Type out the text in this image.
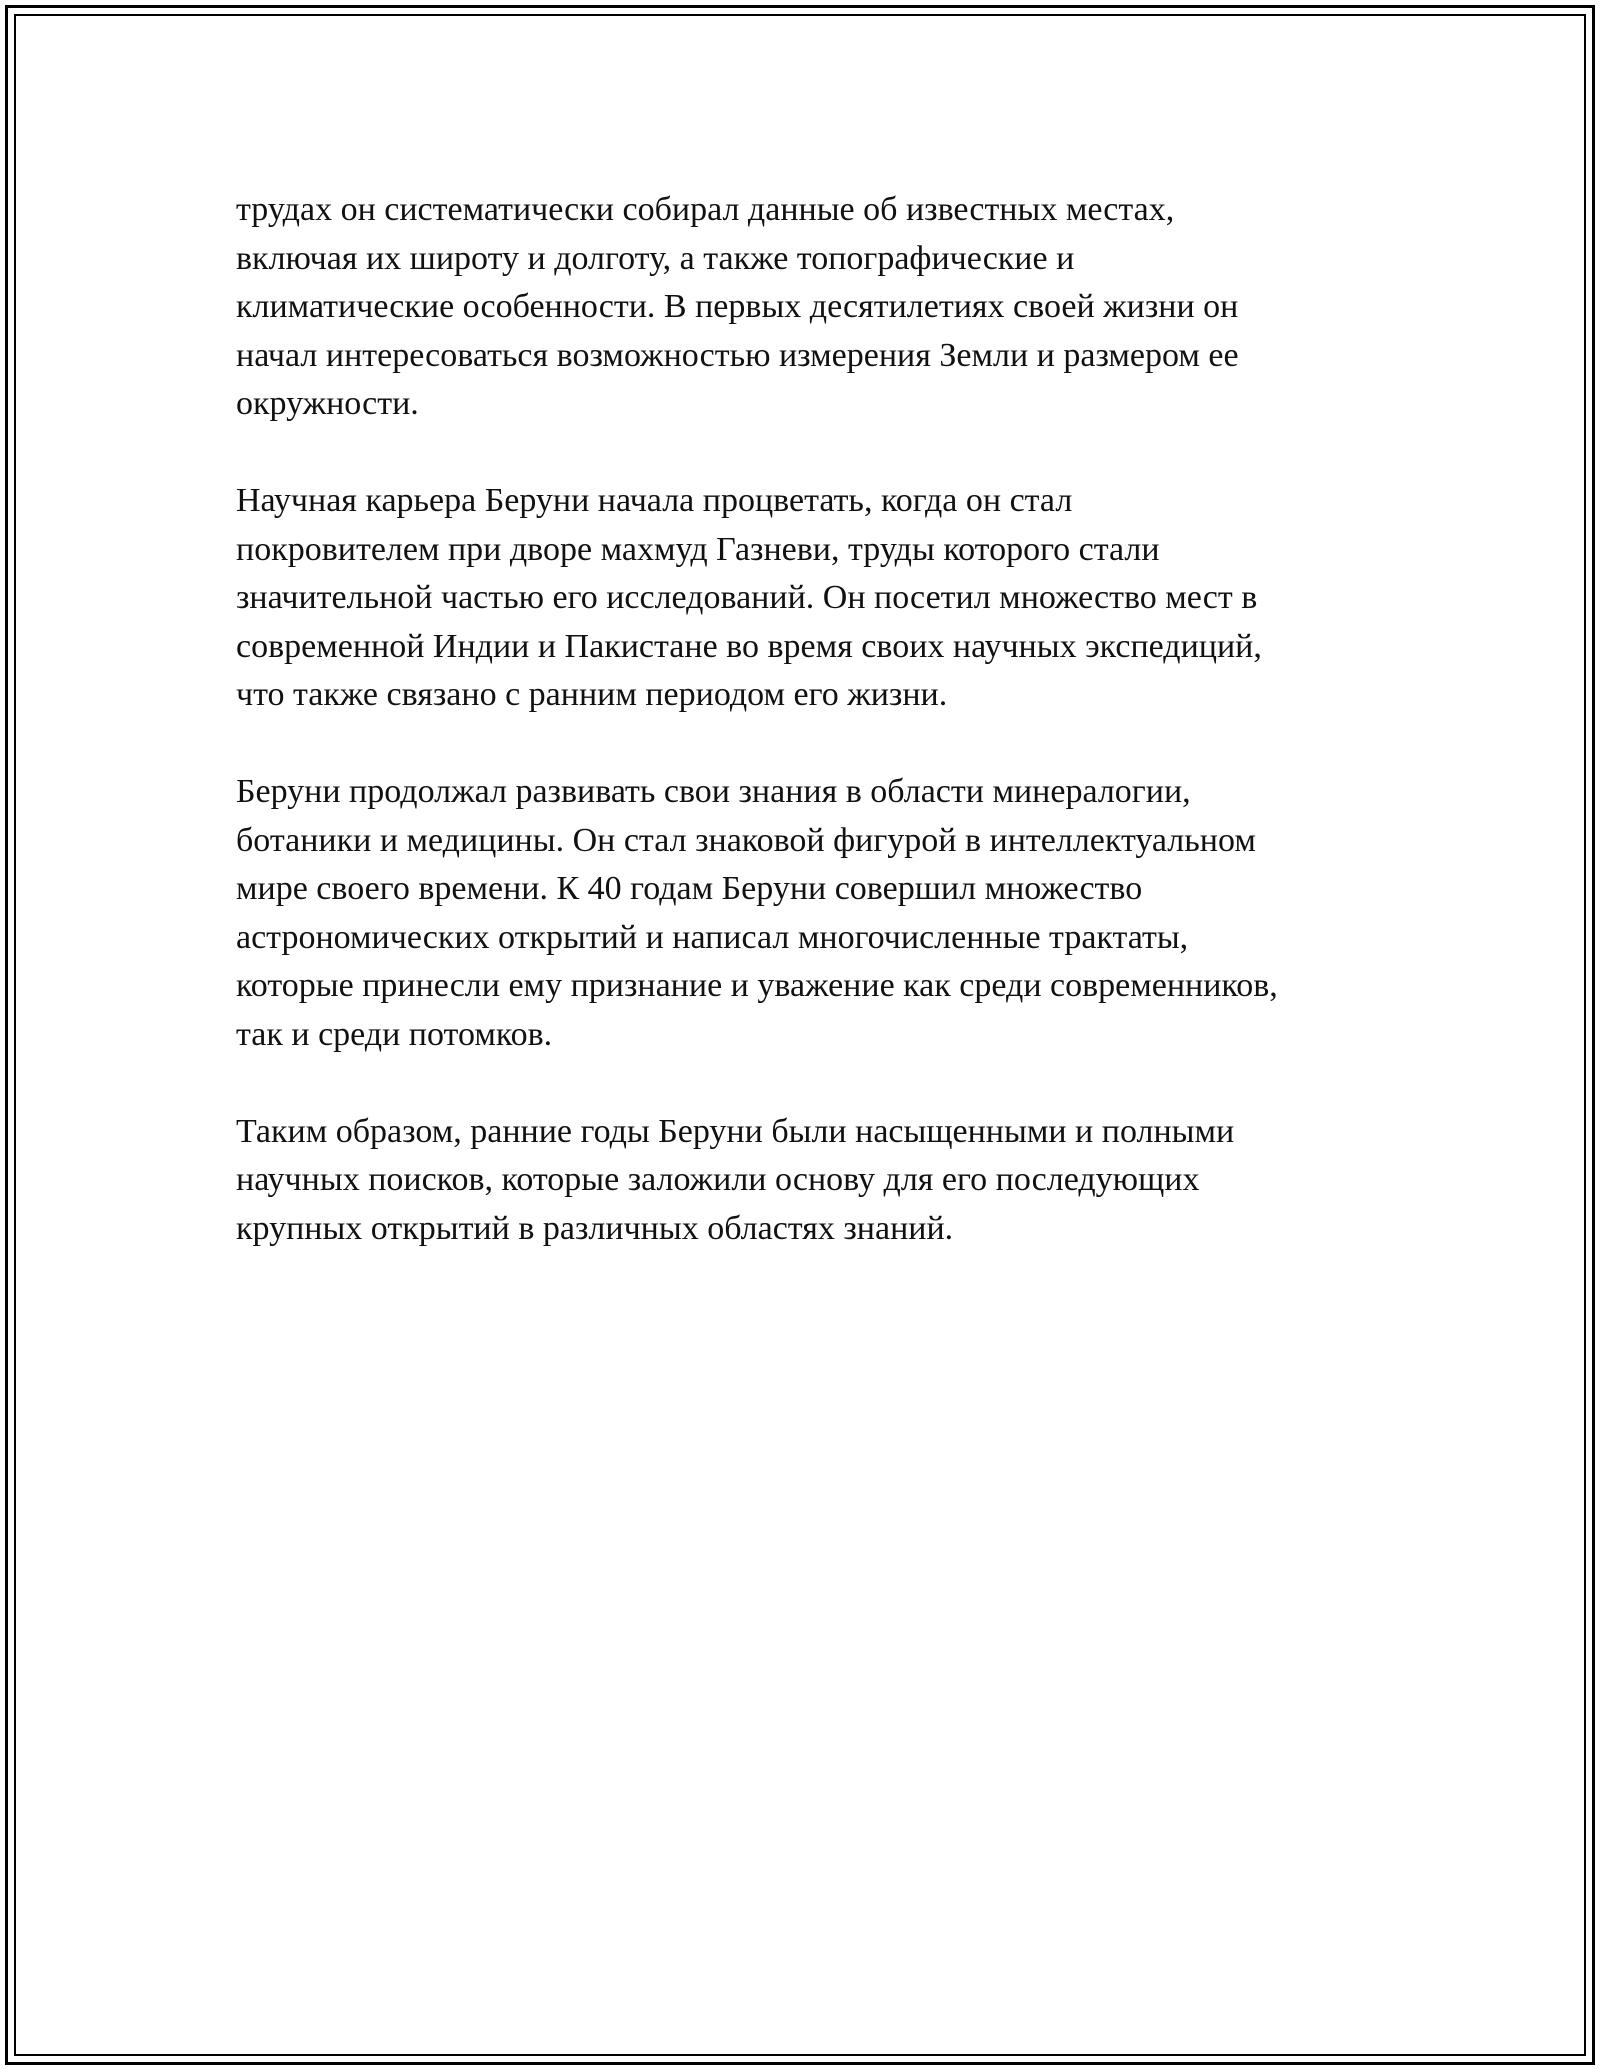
трудах он систематически собирал данные об известных местах,
включая их широту и долготу, а также топографические и
климатические особенности. В первых десятилетиях своей жизни он
начал интересоваться возможностью измерения Земли и размером ее
окружности.

Научная карьера Беруни начала процветать, когда он стал
покровителем при дворе махмуд Газневи, труды которого стали
значительной частью его исследований. Он посетил множество мест в
современной Индии и Пакистане во время своих научных экспедиций,
что также связано с ранним периодом его жизни.

Беруни продолжал развивать свои знания в области минералогии,
ботаники и медицины. Он стал знаковой фигурой в интеллектуальном
мире своего времени. К 40 годам Беруни совершил множество
астрономических открытий и написал многочисленные трактаты,
которые принесли ему признание и уважение как среди современников,
так и среди потомков.

Таким образом, ранние годы Беруни были насыщенными и полными
научных поисков, которые заложили основу для его последующих
крупных открытий в различных областях знаний.
